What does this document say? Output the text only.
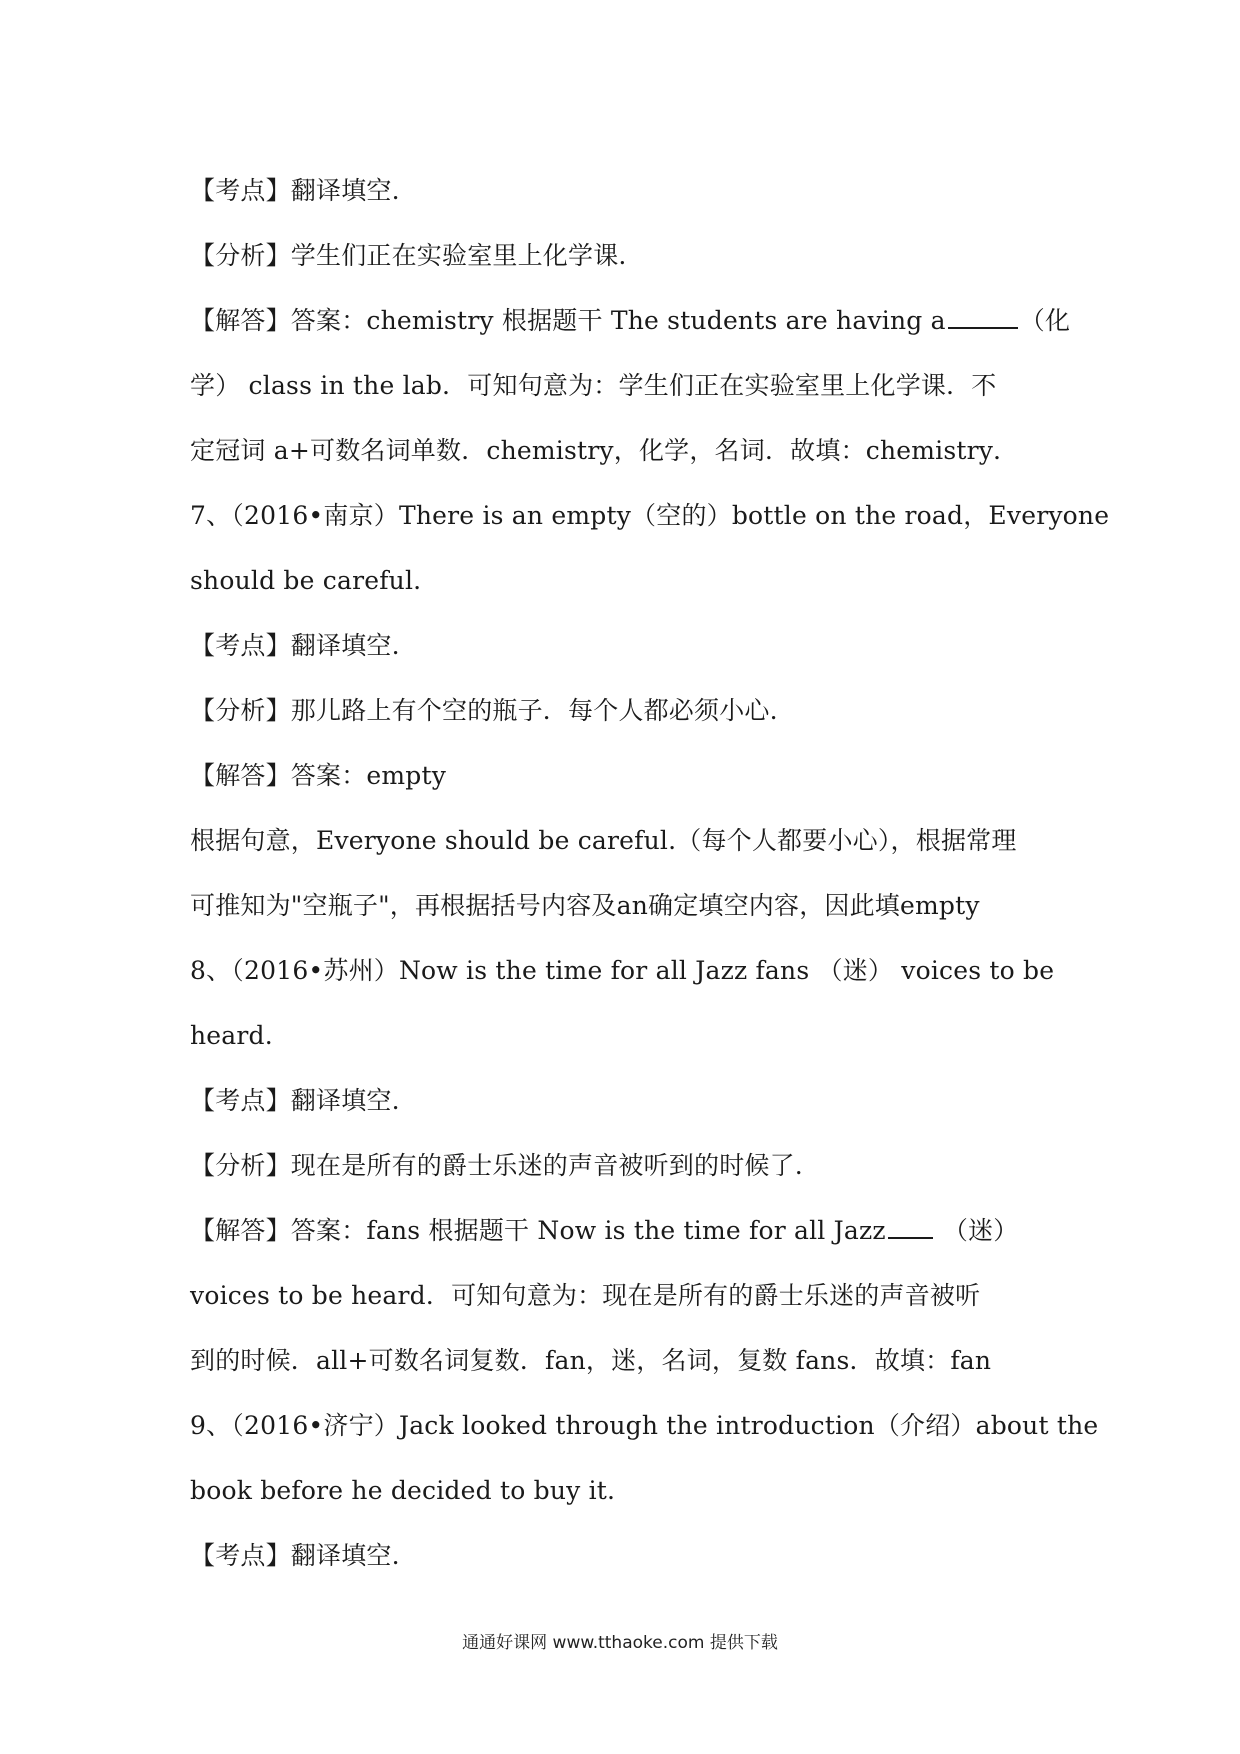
【考点】翻译填空.
【分析】学生们正在实验室里上化学课.
【解答】答案：chemistry 根据题干 The students are having a	（化
学） class in the lab．可知句意为：学生们正在实验室里上化学课．不
定冠词 a+可数名词单数．chemistry，化学，名词．故填：chemistry．
7、（2016•南京）There is an empty（空的）bottle on the road，Everyone
should be careful.
【考点】翻译填空.
【分析】那儿路上有个空的瓶子．每个人都必须小心.
【解答】答案：empty
根据句意，Everyone should be careful.（每个人都要小心），根据常理
可推知为"空瓶子"，再根据括号内容及an确定填空内容，因此填empty
8、（2016•苏州）Now is the time for all Jazz fans （迷） voices to be
heard.
【考点】翻译填空.
【分析】现在是所有的爵士乐迷的声音被听到的时候了.
【解答】答案：fans 根据题干 Now is the time for all Jazz （迷）
voices to be heard．可知句意为：现在是所有的爵士乐迷的声音被听
到的时候．all+可数名词复数．fan，迷，名词，复数 fans．故填：fan
9、（2016•济宁）Jack looked through the introduction（介绍）about the
book before he decided to buy it.
【考点】翻译填空.
通通好课网 www.tthaoke.com 提供下载
